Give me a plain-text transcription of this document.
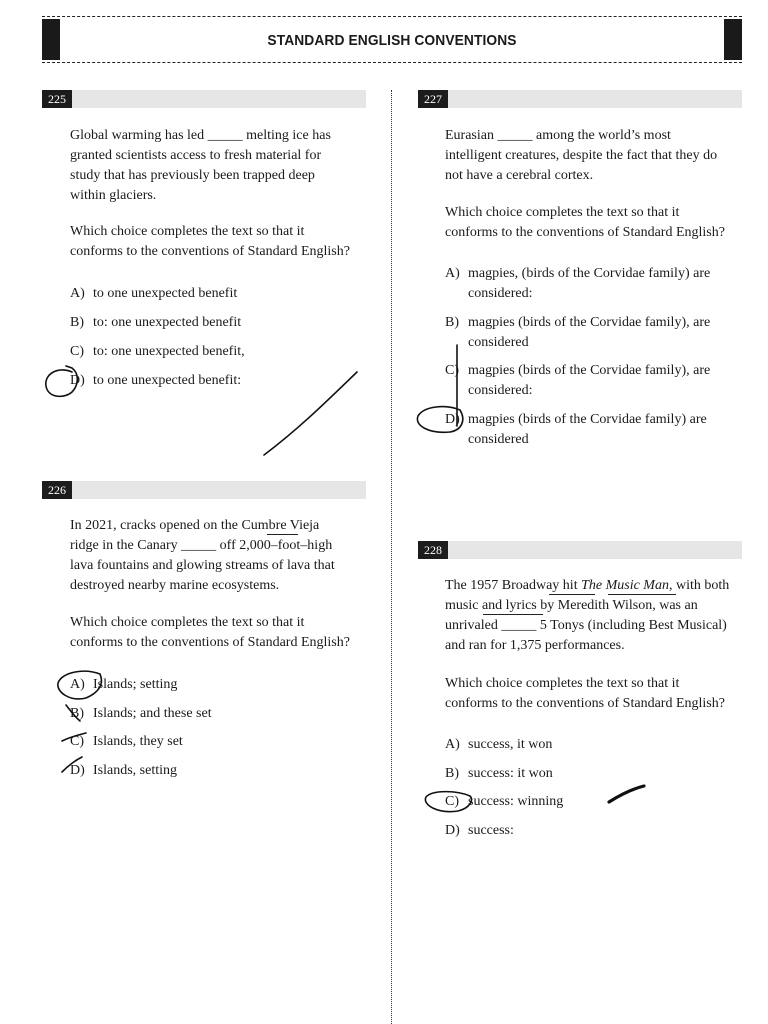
STANDARD ENGLISH CONVENTIONS
225
Global warming has led _____ melting ice has
granted scientists access to fresh material for
study that has previously been trapped deep
within glaciers.
Which choice completes the text so that it
conforms to the conventions of Standard English?
A) to one unexpected benefit
B) to: one unexpected benefit
C) to: one unexpected benefit,
D) to one unexpected benefit:
226
In 2021, cracks opened on the Cumbre Vieja
ridge in the Canary _____ off 2,000–foot–high
lava fountains and glowing streams of lava that
destroyed nearby marine ecosystems.
Which choice completes the text so that it
conforms to the conventions of Standard English?
A) Islands; setting
B) Islands; and these set
C) Islands, they set
D) Islands, setting
227
Eurasian _____ among the world’s most
intelligent creatures, despite the fact that they do
not have a cerebral cortex.
Which choice completes the text so that it
conforms to the conventions of Standard English?
A) magpies, (birds of the Corvidae family) are
considered:
B) magpies (birds of the Corvidae family), are
considered
C) magpies (birds of the Corvidae family), are
considered:
D) magpies (birds of the Corvidae family) are
considered
228
The 1957 Broadway hit The Music Man, with both
music and lyrics by Meredith Wilson, was an
unrivaled _____ 5 Tonys (including Best Musical)
and ran for 1,375 performances.
Which choice completes the text so that it
conforms to the conventions of Standard English?
A) success, it won
B) success: it won
C) success: winning
D) success:
